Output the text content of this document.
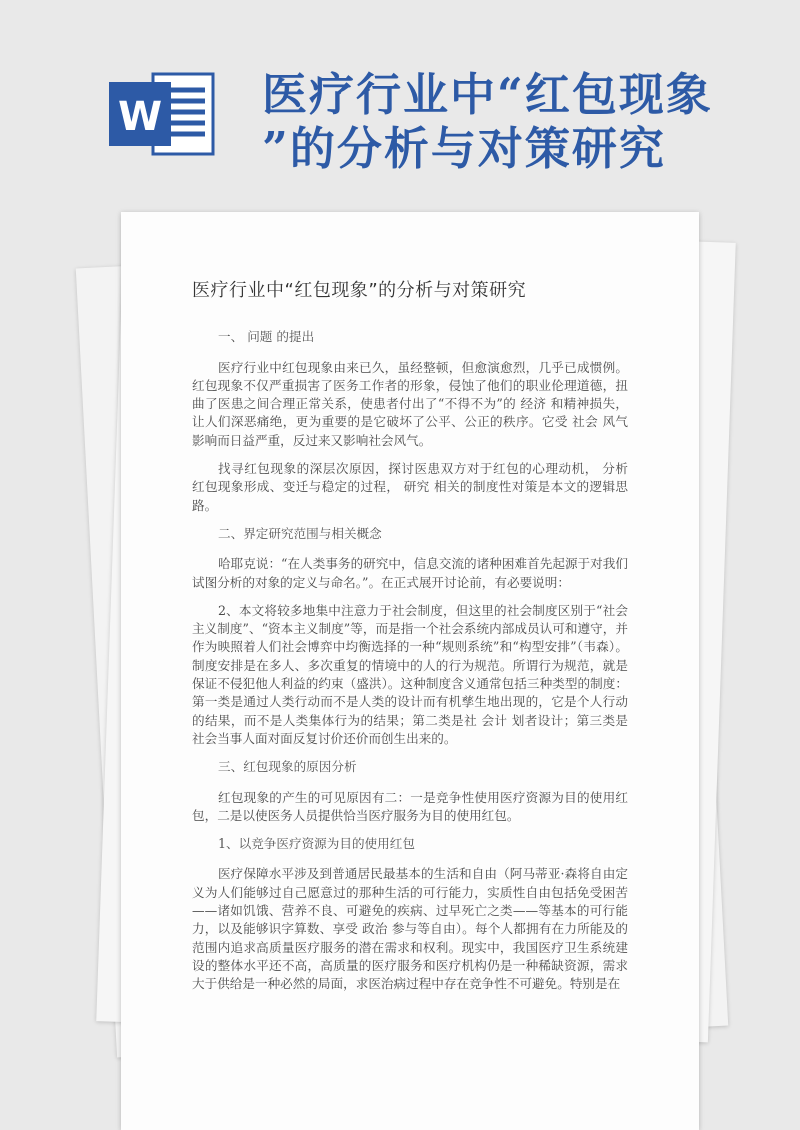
W 医疗行业中“红包现象
”的分析与对策研究
医疗行业中“红包现象”的分析与对策研究
一、 问题 的提出
医疗行业中红包现象由来已久，虽经整顿，但愈演愈烈，几乎已成惯例。红包现象不仅严重损害了医务工作者的形象，侵蚀了他们的职业伦理道德，扭曲了医患之间合理正常关系，使患者付出了“不得不为”的 经济 和精神损失，让人们深恶痛绝，更为重要的是它破坏了公平、公正的秩序。它受 社会 风气 影响而日益严重，反过来又影响社会风气。
找寻红包现象的深层次原因，探讨医患双方对于红包的心理动机， 分析 红包现象形成、变迁与稳定的过程， 研究 相关的制度性对策是本文的逻辑思路。
二、界定研究范围与相关概念
哈耶克说：“在人类事务的研究中，信息交流的诸种困难首先起源于对我们试图分析的对象的定义与命名。”。在正式展开讨论前，有必要说明：
2、本文将较多地集中注意力于社会制度，但这里的社会制度区别于“社会主义制度”、“资本主义制度”等，而是指一个社会系统内部成员认可和遵守，并作为映照着人们社会博弈中均衡选择的一种“规则系统”和“构型安排”（韦森）。制度安排是在多人、多次重复的情境中的人的行为规范。所谓行为规范，就是保证不侵犯他人利益的约束（盛洪）。这种制度含义通常包括三种类型的制度：第一类是通过人类行动而不是人类的设计而有机孳生地出现的，它是个人行动的结果，而不是人类集体行为的结果；第二类是社 会计 划者设计；第三类是社会当事人面对面反复讨价还价而创生出来的。
三、红包现象的原因分析
红包现象的产生的可见原因有二：一是竞争性使用医疗资源为目的使用红包，二是以使医务人员提供恰当医疗服务为目的使用红包。
1、以竞争医疗资源为目的使用红包
医疗保障水平涉及到普通居民最基本的生活和自由（阿马蒂亚·森将自由定义为人们能够过自己愿意过的那种生活的可行能力，实质性自由包括免受困苦——诸如饥饿、营养不良、可避免的疾病、过早死亡之类——等基本的可行能力，以及能够识字算数、享受 政治 参与等自由）。每个人都拥有在力所能及的范围内追求高质量医疗服务的潜在需求和权利。现实中，我国医疗卫生系统建设的整体水平还不高，高质量的医疗服务和医疗机构仍是一种稀缺资源，需求大于供给是一种必然的局面，求医治病过程中存在竞争性不可避免。特别是在
